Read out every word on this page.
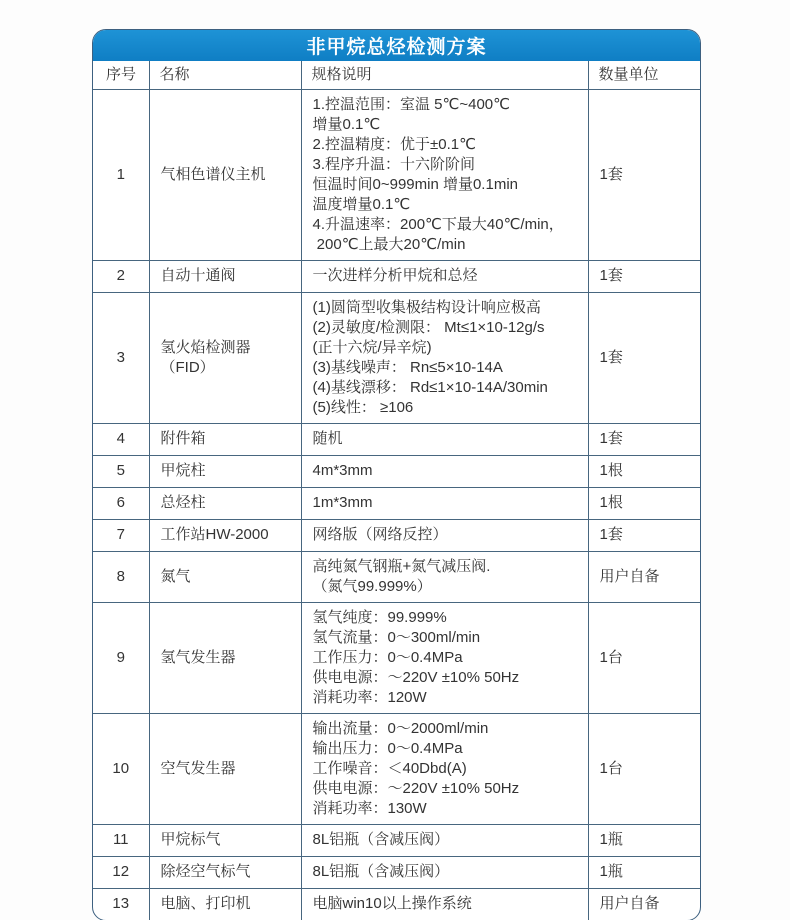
非甲烷总烃检测方案
序号	名称	规格说明	数量单位
1	气相色谱仪主机	
1.控温范围：室温 5℃~400℃
增量0.1℃
2.控温精度：优于±0.1℃
3.程序升温：十六阶阶间
恒温时间0~999min 增量0.1min
温度增量0.1℃
4.升温速率：200℃下最大40℃/min，
200℃上最大20℃/min
	1套
2	自动十通阀	一次进样分析甲烷和总烃	1套
3	氢火焰检测器（FID）	
(1)圆筒型收集极结构设计响应极高
(2)灵敏度/检测限： Mt≤1×10-12g/s
(正十六烷/异辛烷)
(3)基线噪声： Rn≤5×10-14A
(4)基线漂移： Rd≤1×10-14A/30min
(5)线性： ≥106
	1套
4	附件箱	随机	1套
5	甲烷柱	4m*3mm	1根
6	总烃柱	1m*3mm	1根
7	工作站HW-2000	网络版（网络反控）	1套
8	氮气	高纯氮气钢瓶+氮气减压阀.
（氮气99.999%）	用户自备
9	氢气发生器	氢气纯度：99.999%
氢气流量：0～300ml/min
工作压力：0～0.4MPa
供电电源：～220V ±10% 50Hz
消耗功率：120W	1台
10	空气发生器	输出流量：0～2000ml/min
输出压力：0～0.4MPa
工作噪音：＜40Dbd(A)
供电电源：～220V ±10% 50Hz
消耗功率：130W	1台
11	甲烷标气	8L铝瓶（含减压阀）	1瓶
12	除烃空气标气	8L铝瓶（含减压阀）	1瓶
13	电脑、打印机	电脑win10以上操作系统	用户自备
